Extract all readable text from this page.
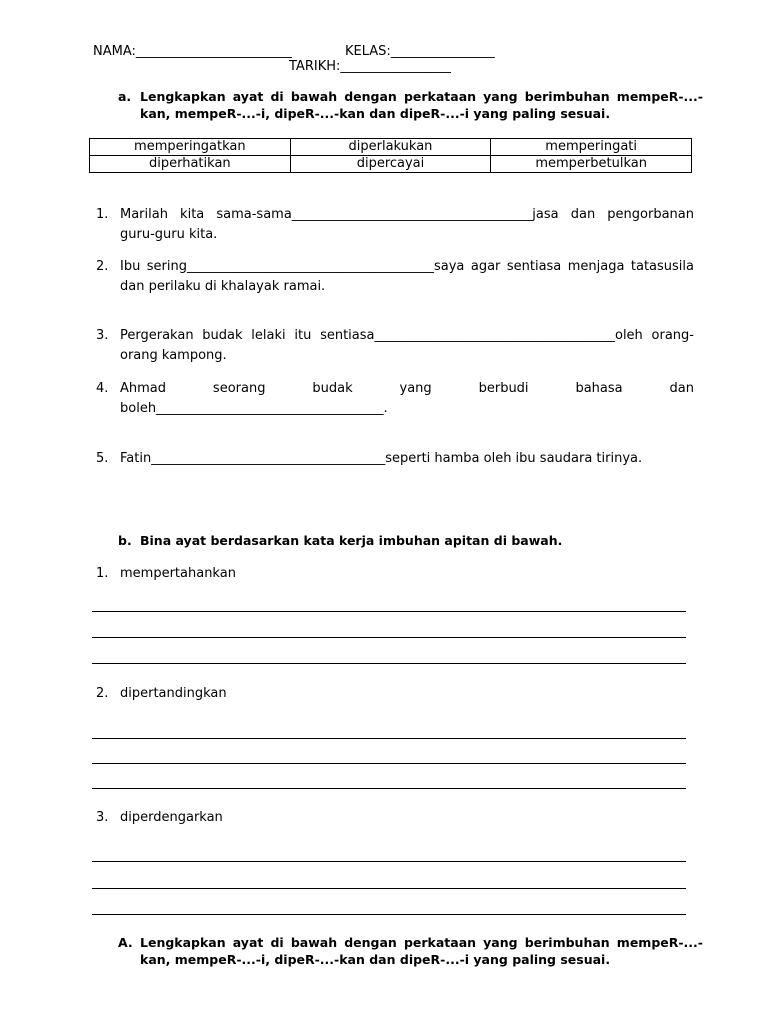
NAMA:________________________	KELAS:________________
TARIKH:_________________
a. Lengkapkan ayat di bawah dengan perkataan yang berimbuhan mempeR-...-kan, mempeR-...-i, dipeR-...-kan dan dipeR-...-i yang paling sesuai.
memperingatkan	diperlakukan	memperingati
diperhatikan	dipercayai	memperbetulkan
1. Marilah kita sama-sama_____________________________________jasa dan pengorbanan guru-guru kita.
2. Ibu sering______________________________________saya agar sentiasa menjaga tatasusila dan perilaku di khalayak ramai.
3. Pergerakan budak lelaki itu sentiasa_____________________________________oleh orang-orang kampong.
4. Ahmad seorang budak yang berbudi bahasa dan boleh___________________________________.
5. Fatin____________________________________seperti hamba oleh ibu saudara tirinya.
b. Bina ayat berdasarkan kata kerja imbuhan apitan di bawah.
1. mempertahankan
2. dipertandingkan
3. diperdengarkan
A. Lengkapkan ayat di bawah dengan perkataan yang berimbuhan mempeR-...-kan, mempeR-...-i, dipeR-...-kan dan dipeR-...-i yang paling sesuai.
